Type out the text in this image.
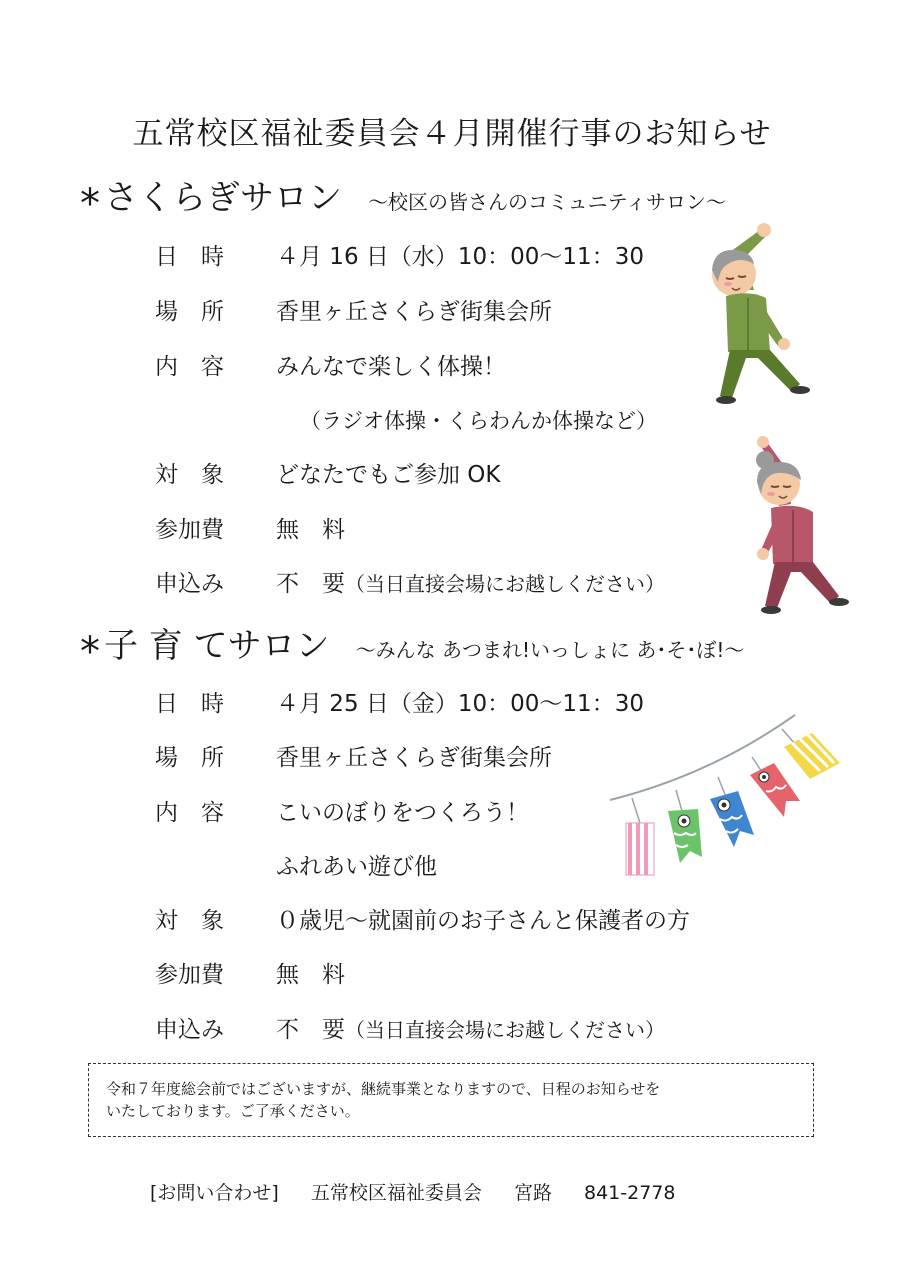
五常校区福祉委員会４月開催行事のお知らせ
* さくらぎサロン ～校区の皆さんのコミュニティサロン～
日　時 ４月 16 日（水）10：00～11：30
場　所 香里ヶ丘さくらぎ街集会所
内　容 みんなで楽しく体操！
（ラジオ体操・くらわんか体操など）
対　象 どなたでもご参加 OK
参加費 無　料
申込み 不　要（当日直接会場にお越しください）
* 子 育 てサロン ～みんな あつまれ!いっしょに あ･そ･ぼ!～
日　時 ４月 25 日（金）10：00～11：30
場　所 香里ヶ丘さくらぎ街集会所
内　容 こいのぼりをつくろう！
ふれあい遊び他
対　象 ０歳児～就園前のお子さんと保護者の方
参加費 無　料
申込み 不　要（当日直接会場にお越しください）
令和７年度総会前ではございますが、継続事業となりますので、日程のお知らせを
いたしております。ご了承ください。
[お問い合わせ] 五常校区福祉委員会 宮路 841-2778
